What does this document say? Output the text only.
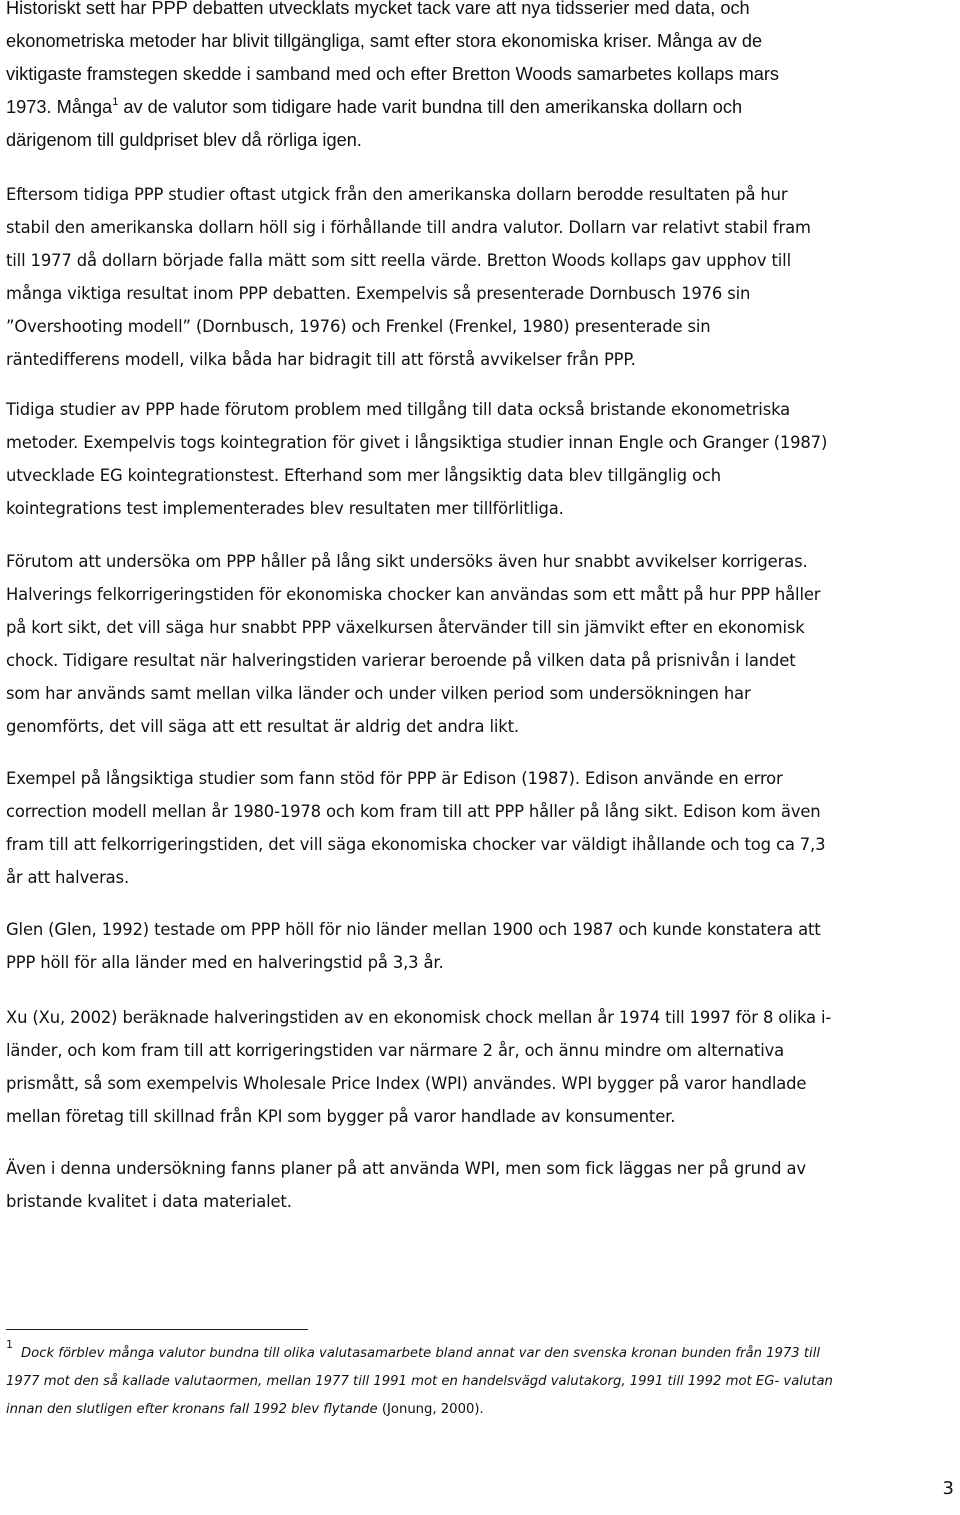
Historiskt sett har PPP debatten utvecklats mycket tack vare att nya tidsserier med data, och
ekonometriska metoder har blivit tillgängliga, samt efter stora ekonomiska kriser. Många av de
viktigaste framstegen skedde i samband med och efter Bretton Woods samarbetes kollaps mars
1973. Många$^1$ av de valutor som tidigare hade varit bundna till den amerikanska dollarn och
därigenom till guldpriset blev då rörliga igen.

Eftersom tidiga PPP studier oftast utgick från den amerikanska dollarn berodde resultaten på hur
stabil den amerikanska dollarn höll sig i förhållande till andra valutor. Dollarn var relativt stabil fram
till 1977 då dollarn började falla mätt som sitt reella värde. Bretton Woods kollaps gav upphov till
många viktiga resultat inom PPP debatten. Exempelvis så presenterade Dornbusch 1976 sin
”Overshooting modell” (Dornbusch, 1976) och Frenkel (Frenkel, 1980) presenterade sin
räntedifferens modell, vilka båda har bidragit till att förstå avvikelser från PPP.

Tidiga studier av PPP hade förutom problem med tillgång till data också bristande ekonometriska
metoder. Exempelvis togs kointegration för givet i långsiktiga studier innan Engle och Granger (1987)
utvecklade EG kointegrationstest. Efterhand som mer långsiktig data blev tillgänglig och
kointegrations test implementerades blev resultaten mer tillförlitliga.

Förutom att undersöka om PPP håller på lång sikt undersöks även hur snabbt avvikelser korrigeras.
Halverings felkorrigeringstiden för ekonomiska chocker kan användas som ett mått på hur PPP håller
på kort sikt, det vill säga hur snabbt PPP växelkursen återvänder till sin jämvikt efter en ekonomisk
chock. Tidigare resultat när halveringstiden varierar beroende på vilken data på prisnivån i landet
som har används samt mellan vilka länder och under vilken period som undersökningen har
genomförts, det vill säga att ett resultat är aldrig det andra likt.

Exempel på långsiktiga studier som fann stöd för PPP är Edison (1987). Edison använde en error
correction modell mellan år 1980-1978 och kom fram till att PPP håller på lång sikt. Edison kom även
fram till att felkorrigeringstiden, det vill säga ekonomiska chocker var väldigt ihållande och tog ca 7,3
år att halveras.

Glen (Glen, 1992) testade om PPP höll för nio länder mellan 1900 och 1987 och kunde konstatera att
PPP höll för alla länder med en halveringstid på 3,3 år.

Xu (Xu, 2002) beräknade halveringstiden av en ekonomisk chock mellan år 1974 till 1997 för 8 olika i-
länder, och kom fram till att korrigeringstiden var närmare 2 år, och ännu mindre om alternativa
prismått, så som exempelvis Wholesale Price Index (WPI) användes. WPI bygger på varor handlade
mellan företag till skillnad från KPI som bygger på varor handlade av konsumenter.

Även i denna undersökning fanns planer på att använda WPI, men som fick läggas ner på grund av
bristande kvalitet i data materialet.

$^1$Dock förblev många valutor bundna till olika valutasamarbete bland annat var den svenska kronan bunden från 1973 till
1977 mot den så kallade valutaormen, mellan 1977 till 1991 mot en handelsvägd valutakorg, 1991 till 1992 mot EG- valutan
innan den slutligen efter kronans fall 1992 blev flytande (Jonung, 2000).
3
